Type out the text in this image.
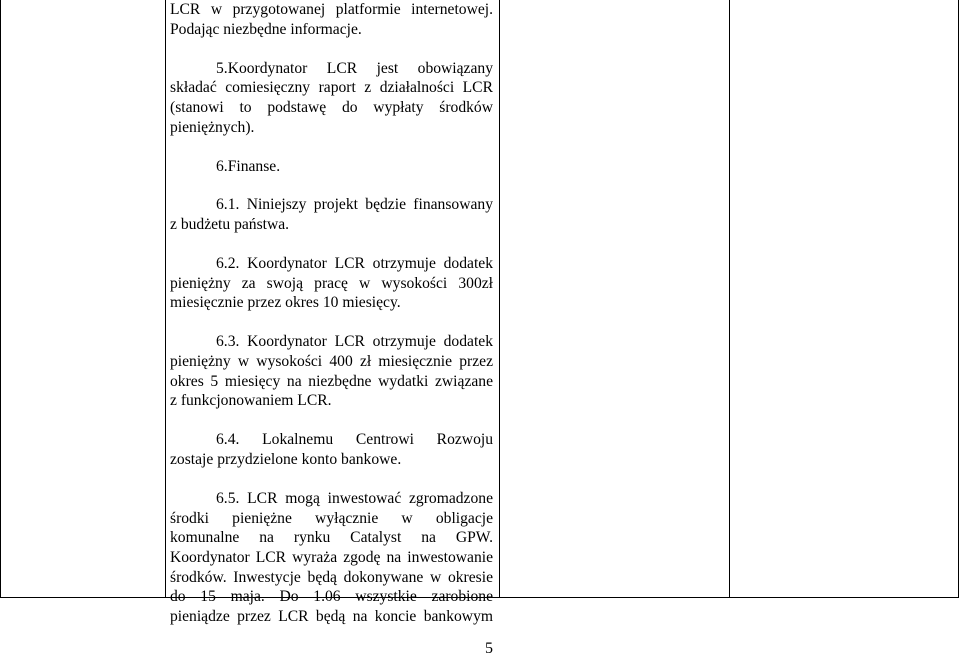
LCR w przygotowanej platformie internetowej.
Podając niezbędne informacje.
5.Koordynator LCR jest obowiązany
składać comiesięczny raport z działalności LCR
(stanowi to podstawę do wypłaty środków
pieniężnych).
6.Finanse.
6.1. Niniejszy projekt będzie finansowany
z budżetu państwa.
6.2. Koordynator LCR otrzymuje dodatek
pieniężny za swoją pracę w wysokości 300zł
miesięcznie przez okres 10 miesięcy.
6.3. Koordynator LCR otrzymuje dodatek
pieniężny w wysokości 400 zł miesięcznie przez
okres 5 miesięcy na niezbędne wydatki związane
z funkcjonowaniem LCR.
6.4. Lokalnemu Centrowi Rozwoju
zostaje przydzielone konto bankowe.
6.5. LCR mogą inwestować zgromadzone
środki pieniężne wyłącznie w obligacje
komunalne na rynku Catalyst na GPW.
Koordynator LCR wyraża zgodę na inwestowanie
środków. Inwestycje będą dokonywane w okresie
do 15 maja. Do 1.06 wszystkie zarobione
pieniądze przez LCR będą na koncie bankowym
5
